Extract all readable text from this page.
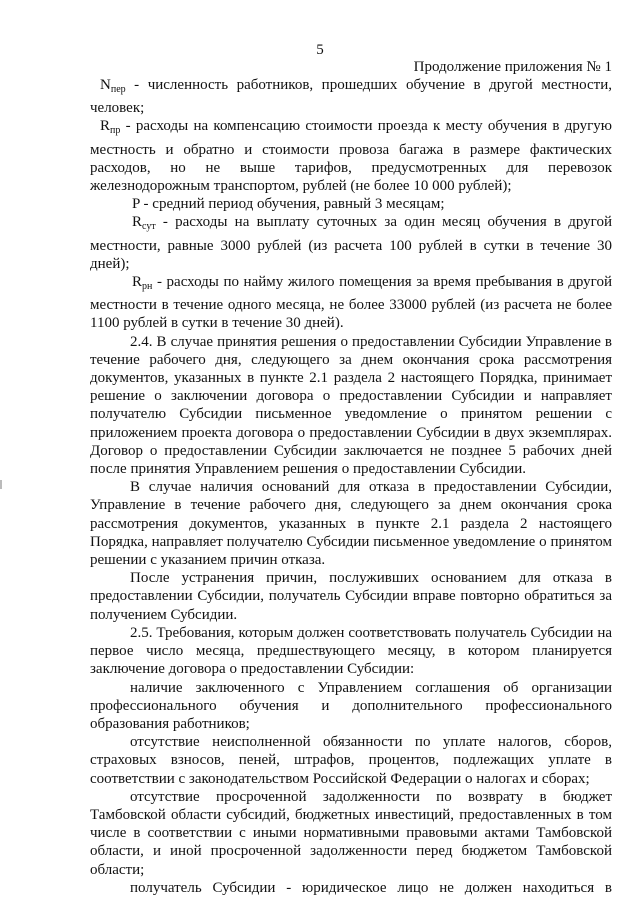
5
Продолжение приложения № 1

$N_{пер}$ - численность работников, прошедших обучение в другой местности, человек;

$R_{пр}$ - расходы на компенсацию стоимости проезда к месту обучения в другую местность и обратно и стоимости провоза багажа в размере фактических расходов, но не выше тарифов, предусмотренных для перевозок железнодорожным транспортом, рублей (не более 10 000 рублей);

P - средний период обучения, равный 3 месяцам;

$R_{сут}$ - расходы на выплату суточных за один месяц обучения в другой местности, равные 3000 рублей (из расчета 100 рублей в сутки в течение 30 дней);

$R_{рн}$ - расходы по найму жилого помещения за время пребывания в другой местности в течение одного месяца, не более 33000 рублей (из расчета не более 1100 рублей в сутки в течение 30 дней).

2.4. В случае принятия решения о предоставлении Субсидии Управление в течение рабочего дня, следующего за днем окончания срока рассмотрения документов, указанных в пункте 2.1 раздела 2 настоящего Порядка, принимает решение о заключении договора о предоставлении Субсидии и направляет получателю Субсидии письменное уведомление о принятом решении с приложением проекта договора о предоставлении Субсидии в двух экземплярах. Договор о предоставлении Субсидии заключается не позднее 5 рабочих дней после принятия Управлением решения о предоставлении Субсидии.

В случае наличия оснований для отказа в предоставлении Субсидии, Управление в течение рабочего дня, следующего за днем окончания срока рассмотрения документов, указанных в пункте 2.1 раздела 2 настоящего Порядка, направляет получателю Субсидии письменное уведомление о принятом решении с указанием причин отказа.

После устранения причин, послуживших основанием для отказа в предоставлении Субсидии, получатель Субсидии вправе повторно обратиться за получением Субсидии.

2.5. Требования, которым должен соответствовать получатель Субсидии на первое число месяца, предшествующего месяцу, в котором планируется заключение договора о предоставлении Субсидии:

наличие заключенного с Управлением соглашения об организации профессионального обучения и дополнительного профессионального образования работников;

отсутствие неисполненной обязанности по уплате налогов, сборов, страховых взносов, пеней, штрафов, процентов, подлежащих уплате в соответствии с законодательством Российской Федерации о налогах и сборах;

отсутствие просроченной задолженности по возврату в бюджет Тамбовской области субсидий, бюджетных инвестиций, предоставленных в том числе в соответствии с иными нормативными правовыми актами Тамбовской области, и иной просроченной задолженности перед бюджетом Тамбовской области;

получатель Субсидии - юридическое лицо не должен находиться в
